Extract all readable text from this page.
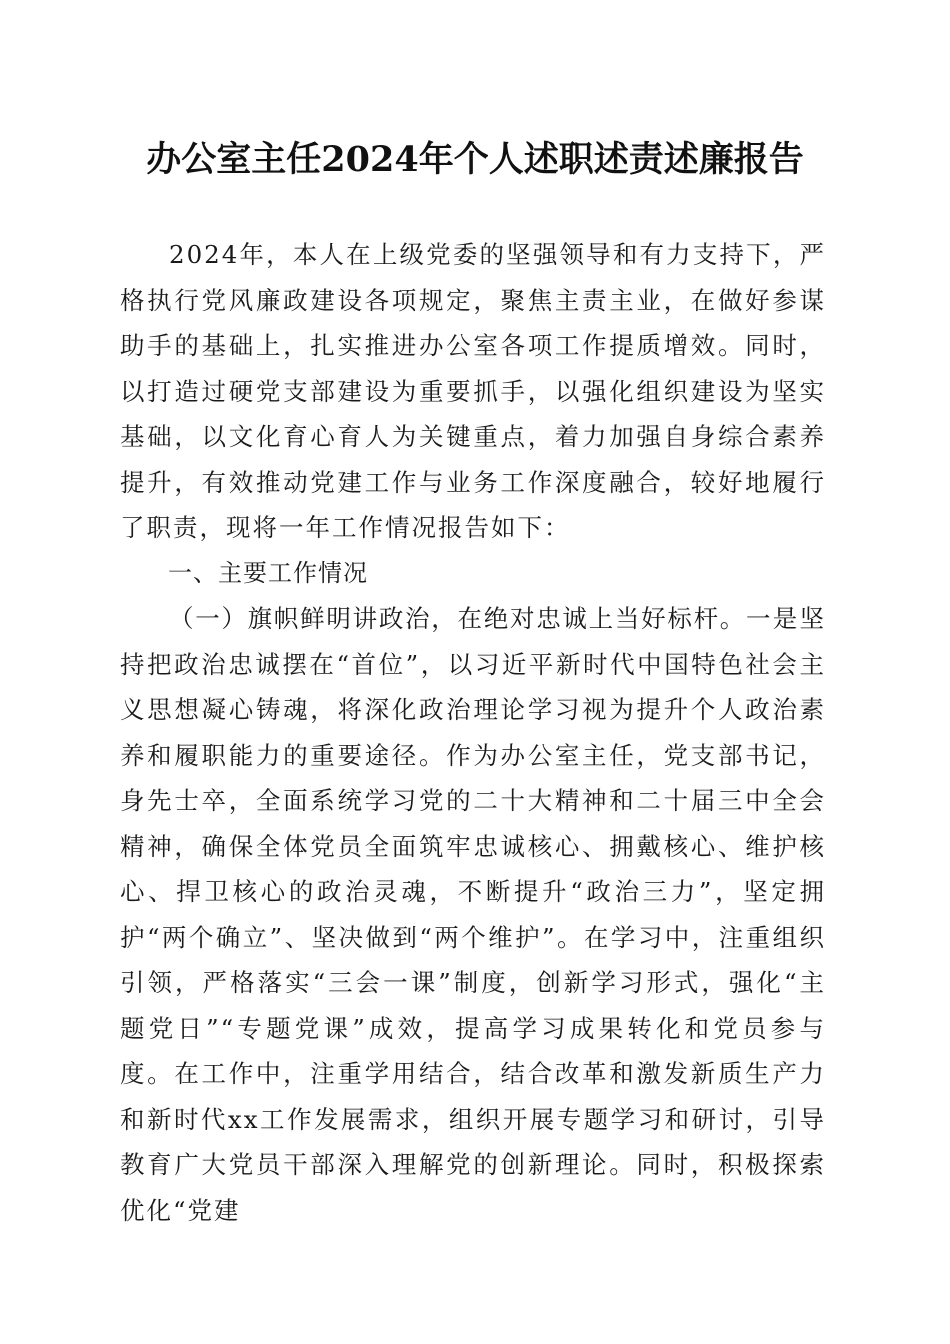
办公室主任2024年个人述职述责述廉报告

2024年，本人在上级党委的坚强领导和有力支持下，严格执行党风廉政建设各项规定，聚焦主责主业，在做好参谋助手的基础上，扎实推进办公室各项工作提质增效。同时，以打造过硬党支部建设为重要抓手，以强化组织建设为坚实基础，以文化育心育人为关键重点，着力加强自身综合素养提升，有效推动党建工作与业务工作深度融合，较好地履行了职责，现将一年工作情况报告如下：

一、主要工作情况

（一）旗帜鲜明讲政治，在绝对忠诚上当好标杆。一是坚持把政治忠诚摆在“首位”，以习近平新时代中国特色社会主义思想凝心铸魂，将深化政治理论学习视为提升个人政治素养和履职能力的重要途径。作为办公室主任，党支部书记，身先士卒，全面系统学习党的二十大精神和二十届三中全会精神，确保全体党员全面筑牢忠诚核心、拥戴核心、维护核心、捍卫核心的政治灵魂，不断提升“政治三力”，坚定拥护“两个确立”、坚决做到“两个维护”。在学习中，注重组织引领，严格落实“三会一课”制度，创新学习形式，强化“主题党日”“专题党课”成效，提高学习成果转化和党员参与度。在工作中，注重学用结合，结合改革和激发新质生产力和新时代xx工作发展需求，组织开展专题学习和研讨，引导教育广大党员干部深入理解党的创新理论。同时，积极探索优化“党建
